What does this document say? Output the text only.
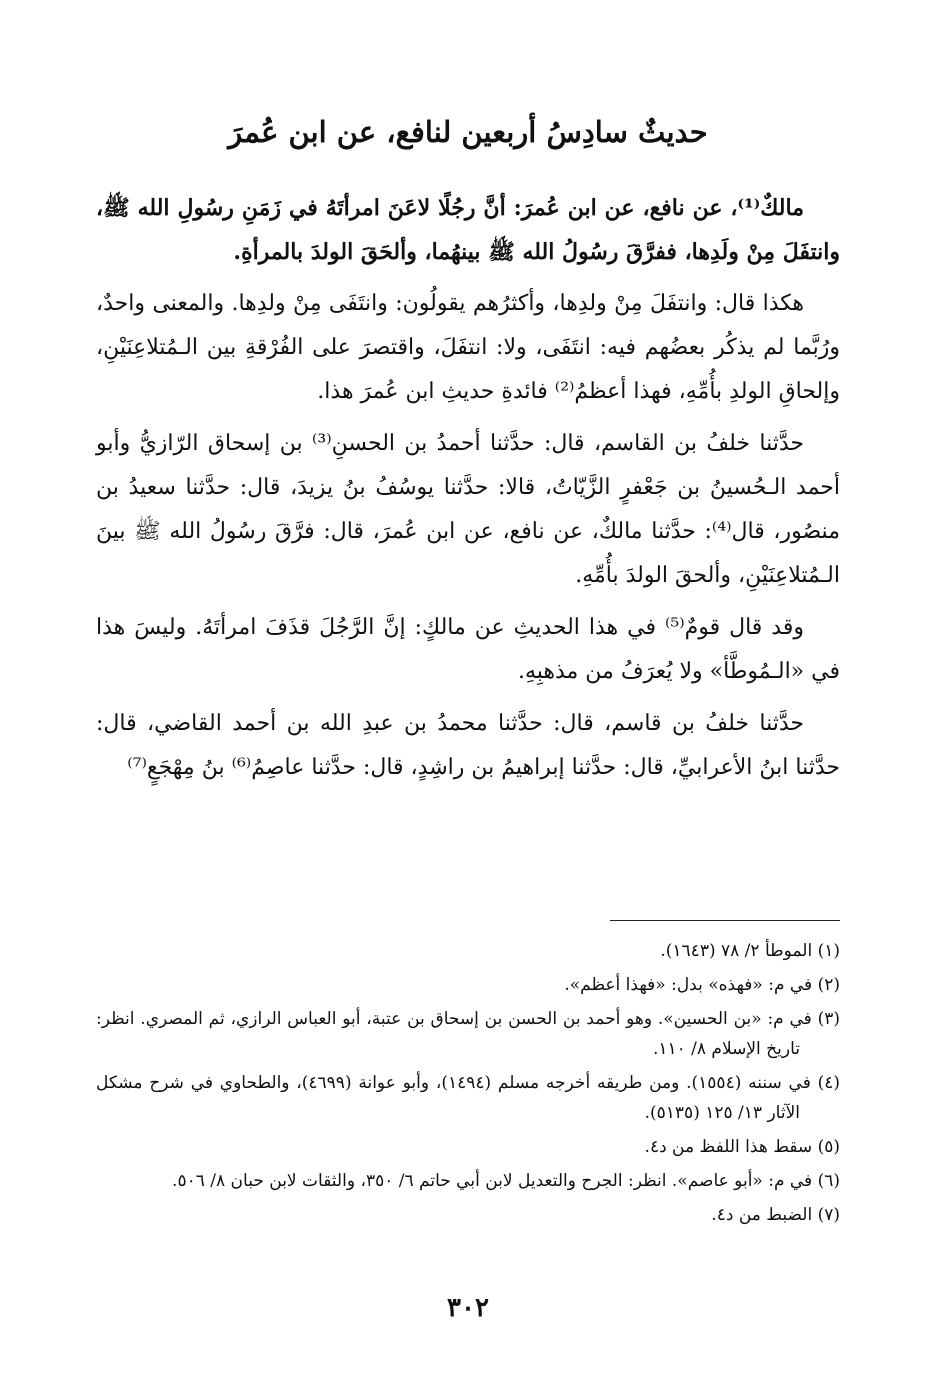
حديثٌ سادِسُ أربعين لنافع، عن ابن عُمرَ

مالكٌ⁽¹⁾، عن نافع، عن ابن عُمرَ: أنَّ رجُلًا لاعَنَ امرأتَهُ في زَمَنِ رسُولِ الله ﷺ، وانتفَلَ مِنْ ولَدِها، ففرَّقَ رسُولُ الله ﷺ بينهُما، وألحَقَ الولدَ بالمرأةِ.

هكذا قال: وانتفَلَ مِنْ ولدِها، وأكثرُهم يقولُون: وانتَفَى مِنْ ولدِها. والمعنى واحدٌ، ورُبَّما لم يذكُر بعضُهم فيه: انتَفَى، ولا: انتفَلَ، واقتصرَ على الفُرْقةِ بين الـمُتلاعِنَيْنِ، وإلحاقِ الولدِ بأُمِّهِ، فهذا أعظمُ⁽²⁾ فائدةِ حديثِ ابن عُمرَ هذا.

حدَّثنا خلفُ بن القاسم، قال: حدَّثنا أحمدُ بن الحسنِ⁽³⁾ بن إسحاق الرّازيُّ وأبو أحمد الـحُسينُ بن جَعْفرٍ الزَّيّاتُ، قالا: حدَّثنا يوسُفُ بنُ يزيدَ، قال: حدَّثنا سعيدُ بن منصُور، قال⁽⁴⁾: حدَّثنا مالكٌ، عن نافع، عن ابن عُمرَ، قال: فرَّقَ رسُولُ الله ﷺ بينَ الـمُتلاعِنَيْنِ، وألحقَ الولدَ بأُمِّهِ.

وقد قال قومٌ⁽⁵⁾ في هذا الحديثِ عن مالكٍ: إنَّ الرَّجُلَ قذَفَ امرأتَهُ. وليسَ هذا في «الـمُوطَّأ» ولا يُعرَفُ من مذهبِهِ.

حدَّثنا خلفُ بن قاسم، قال: حدَّثنا محمدُ بن عبدِ الله بن أحمد القاضي، قال: حدَّثنا ابنُ الأعرابيِّ، قال: حدَّثنا إبراهيمُ بن راشِدٍ، قال: حدَّثنا عاصِمُ⁽⁶⁾ بنُ مِهْجَعٍ⁽⁷⁾

(١) الموطأ ٢/ ٧٨ (١٦٤٣).

(٢) في م: «فهذه» بدل: «فهذا أعظم».

(٣) في م: «بن الحسين». وهو أحمد بن الحسن بن إسحاق بن عتبة، أبو العباس الرازي، ثم المصري. انظر: تاريخ الإسلام ٨/ ١١٠.

(٤) في سننه (١٥٥٤). ومن طريقه أخرجه مسلم (١٤٩٤)، وأبو عوانة (٤٦٩٩)، والطحاوي في شرح مشكل الآثار ١٣/ ١٢٥ (٥١٣٥).

(٥) سقط هذا اللفظ من د٤.

(٦) في م: «أبو عاصم». انظر: الجرح والتعديل لابن أبي حاتم ٦/ ٣٥٠، والثقات لابن حبان ٨/ ٥٠٦.

(٧) الضبط من د٤.

٣٠٢
